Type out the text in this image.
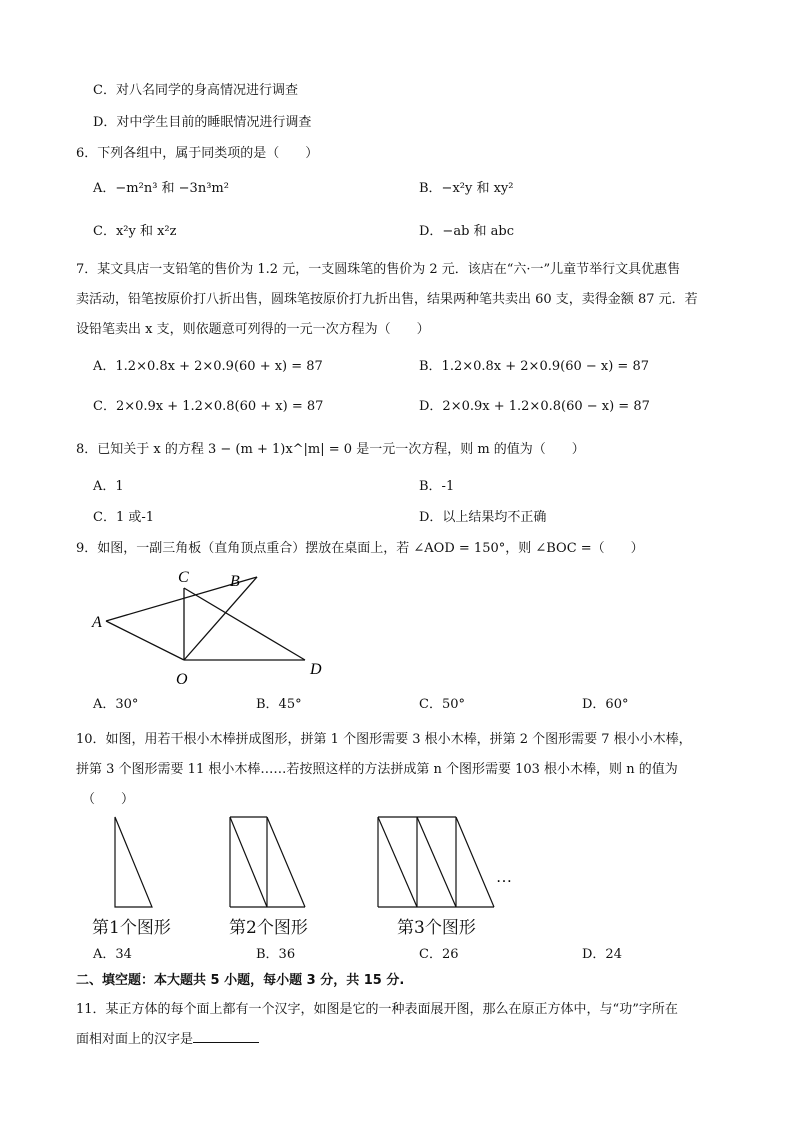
C．对八名同学的身高情况进行调查
D．对中学生目前的睡眠情况进行调查
6．下列各组中，属于同类项的是（　　）
A．−m²n³ 和 −3n³m²	B．−x²y 和 xy²
C．x²y 和 x²z	D．−ab 和 abc
7．某文具店一支铅笔的售价为 1.2 元，一支圆珠笔的售价为 2 元．该店在“六·一”儿童节举行文具优惠售
卖活动，铅笔按原价打八折出售，圆珠笔按原价打九折出售，结果两种笔共卖出 60 支，卖得金额 87 元．若
设铅笔卖出 x 支，则依题意可列得的一元一次方程为（　　）
A．1.2×0.8x + 2×0.9(60 + x) = 87	B．1.2×0.8x + 2×0.9(60 − x) = 87
C．2×0.9x + 1.2×0.8(60 + x) = 87	D．2×0.9x + 1.2×0.8(60 − x) = 87
8．已知关于 x 的方程 3 − (m + 1)x^|m| = 0 是一元一次方程，则 m 的值为（　　）
A．1	B．-1
C．1 或-1	D．以上结果均不正确
9．如图，一副三角板（直角顶点重合）摆放在桌面上，若 ∠AOD = 150°，则 ∠BOC =（　　）
A
C	B
D
O
A．30°	B．45°	C．50°	D．60°
10．如图，用若干根小木棒拼成图形，拼第 1 个图形需要 3 根小木棒，拼第 2 个图形需要 7 根小小木棒，
拼第 3 个图形需要 11 根小木棒……若按照这样的方法拼成第 n 个图形需要 103 根小木棒，则 n 的值为
（　　）
…
第1个图形	第2个图形	第3个图形
A．34	B．36	C．26	D．24
二、填空题：本大题共 5 小题，每小题 3 分，共 15 分.
11．某正方体的每个面上都有一个汉字，如图是它的一种表面展开图，那么在原正方体中，与“功”字所在
面相对面上的汉字是
